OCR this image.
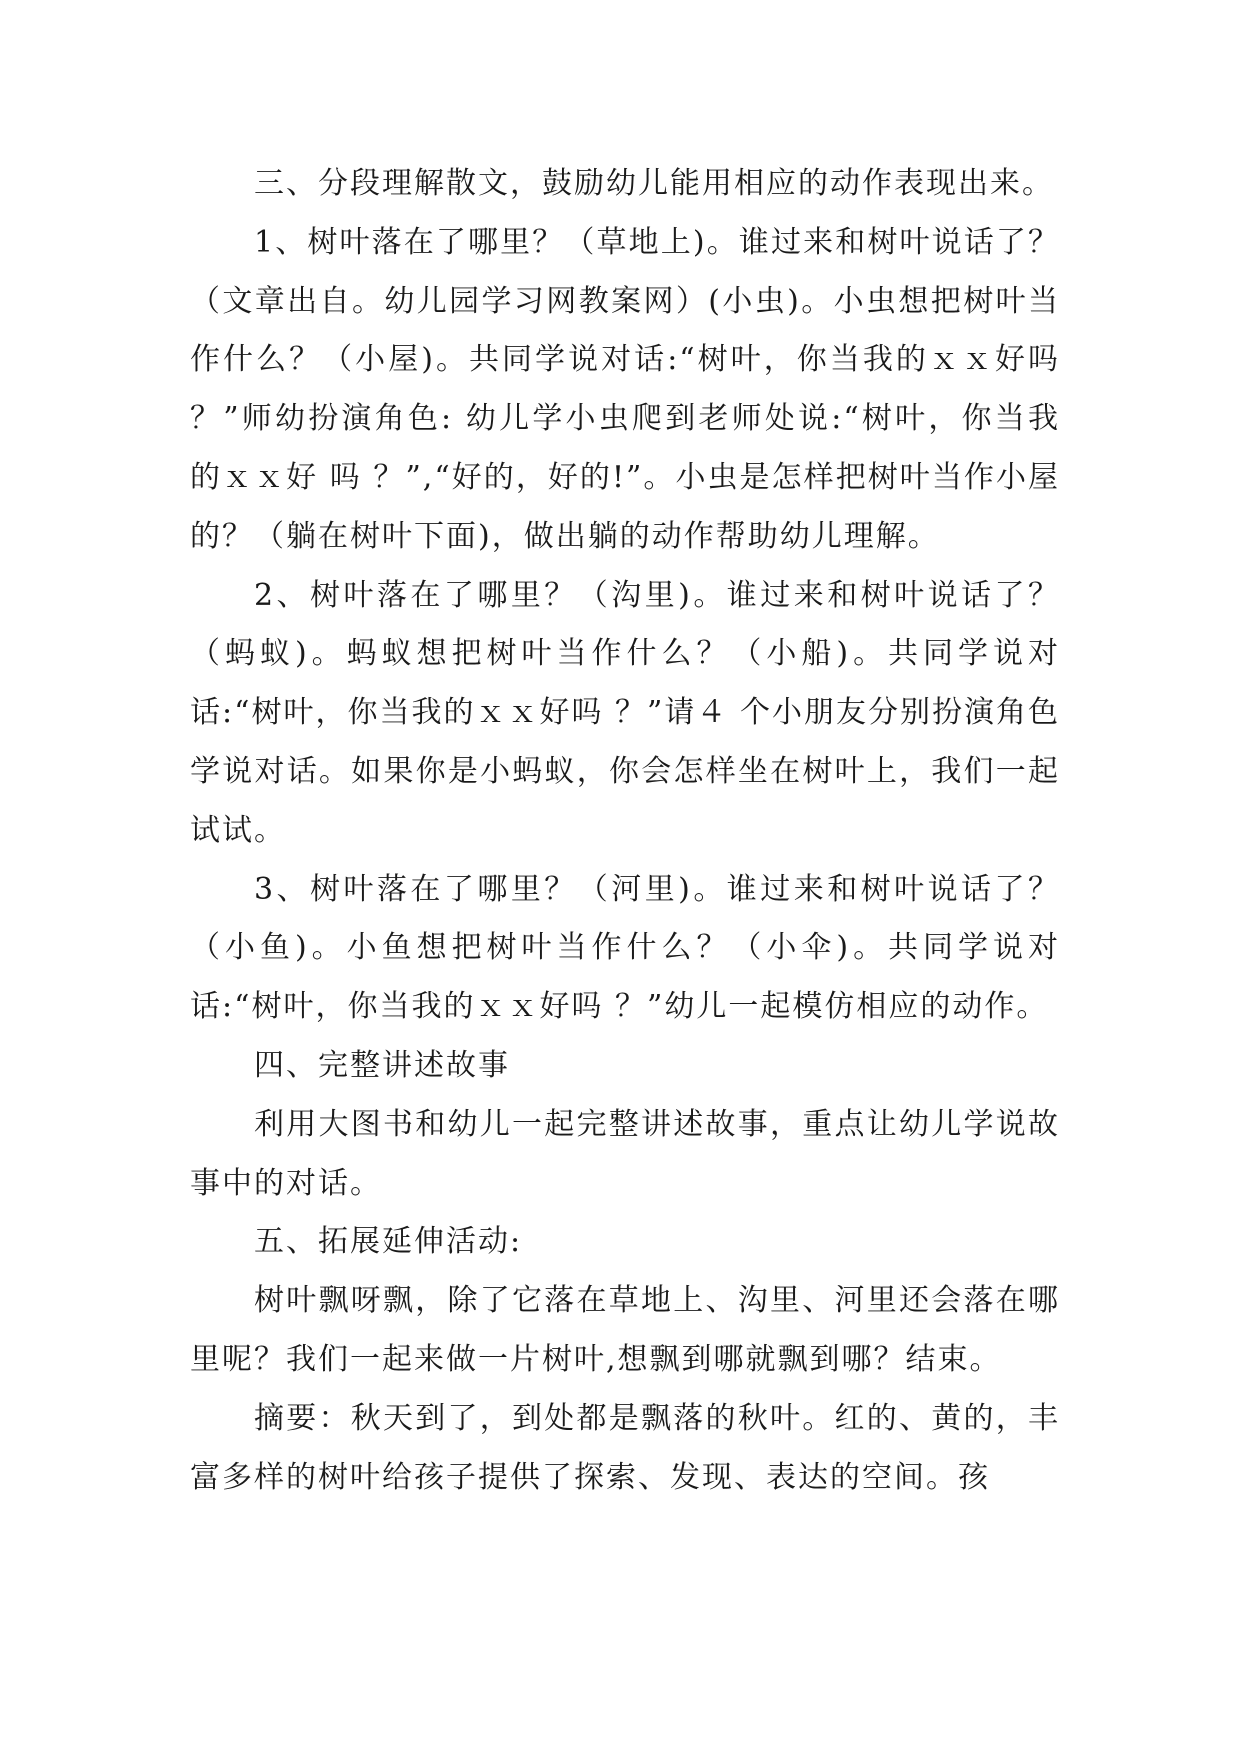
三、分段理解散文，鼓励幼儿能用相应的动作表现出来。

1、树叶落在了哪里？（草地上)。谁过来和树叶说话了？（文章出自。幼儿园学习网教案网）(小虫)。小虫想把树叶当作什么？（小屋)。共同学说对话:“树叶，你当我的ｘｘ好吗 ？”师幼扮演角色: 幼儿学小虫爬到老师处说:“树叶，你当我的ｘｘ好 吗 ？”,“好的，好的!”。小虫是怎样把树叶当作小屋的？（躺在树叶下面)，做出躺的动作帮助幼儿理解。

2、树叶落在了哪里？（沟里)。谁过来和树叶说话了？（蚂蚁)。蚂蚁想把树叶当作什么？（小船)。共同学说对话:“树叶，你当我的ｘｘ好吗 ？”请４ 个小朋友分别扮演角色学说对话。如果你是小蚂蚁，你会怎样坐在树叶上，我们一起试试。

3、树叶落在了哪里？（河里)。谁过来和树叶说话了？（小鱼)。小鱼想把树叶当作什么？（小伞)。共同学说对话:“树叶，你当我的ｘｘ好吗 ？”幼儿一起模仿相应的动作。

四、完整讲述故事

利用大图书和幼儿一起完整讲述故事，重点让幼儿学说故事中的对话。

五、拓展延伸活动:

树叶飘呀飘，除了它落在草地上、沟里、河里还会落在哪里呢？我们一起来做一片树叶,想飘到哪就飘到哪？结束。

摘要：秋天到了，到处都是飘落的秋叶。红的、黄的，丰富多样的树叶给孩子提供了探索、发现、表达的空间。孩
